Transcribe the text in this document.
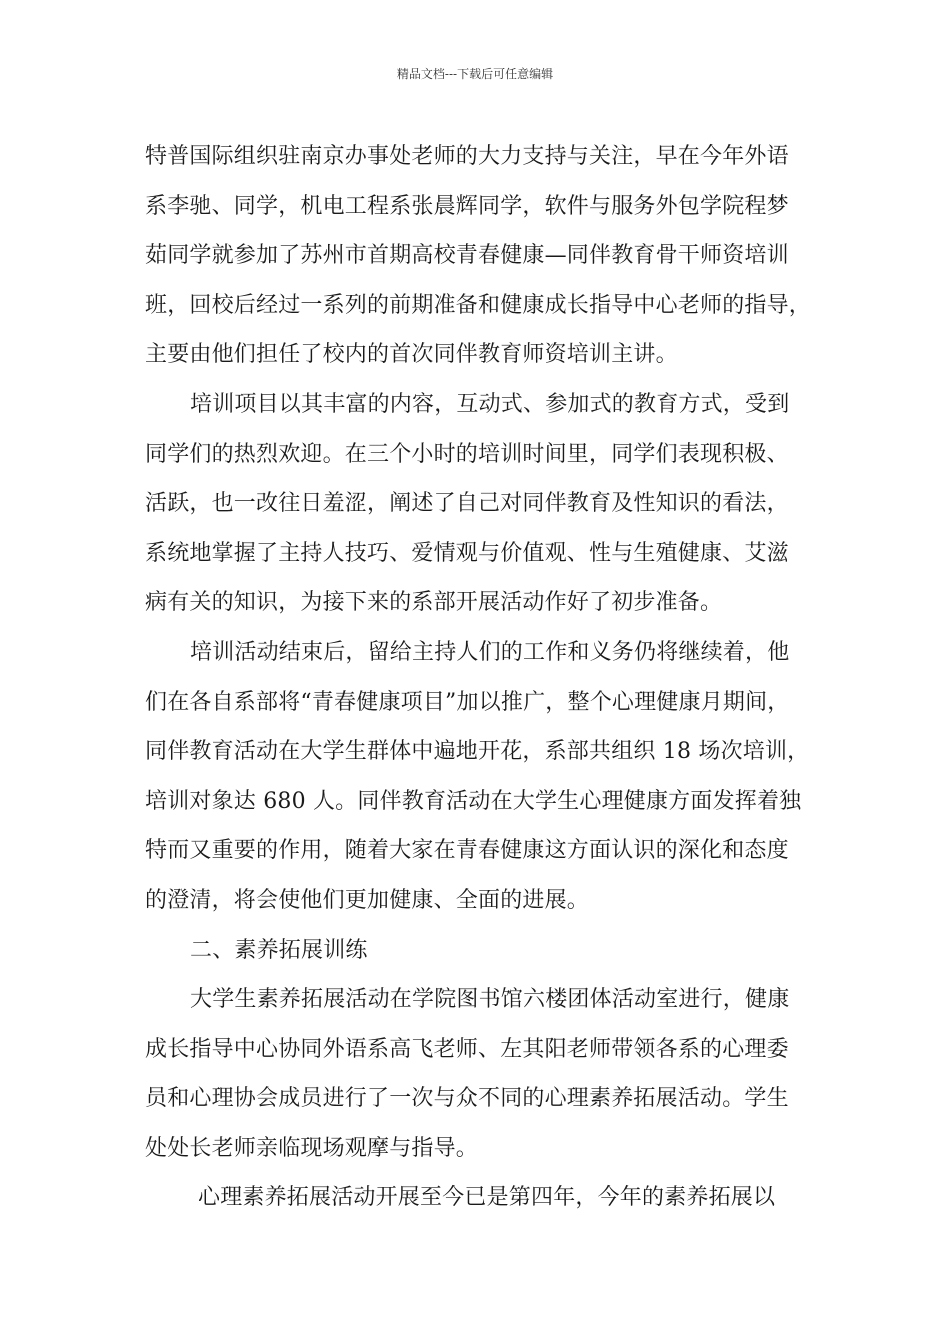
精品文档---下载后可任意编辑
特普国际组织驻南京办事处老师的大力支持与关注，早在今年外语
系李驰、同学，机电工程系张晨辉同学，软件与服务外包学院程梦
茹同学就参加了苏州市首期高校青春健康—同伴教育骨干师资培训
班，回校后经过一系列的前期准备和健康成长指导中心老师的指导，
主要由他们担任了校内的首次同伴教育师资培训主讲。
培训项目以其丰富的内容，互动式、参加式的教育方式，受到
同学们的热烈欢迎。在三个小时的培训时间里，同学们表现积极、
活跃，也一改往日羞涩，阐述了自己对同伴教育及性知识的看法，
系统地掌握了主持人技巧、爱情观与价值观、性与生殖健康、艾滋
病有关的知识，为接下来的系部开展活动作好了初步准备。
培训活动结束后，留给主持人们的工作和义务仍将继续着，他
们在各自系部将“青春健康项目”加以推广，整个心理健康月期间，
同伴教育活动在大学生群体中遍地开花，系部共组织 18 场次培训，
培训对象达 680 人。同伴教育活动在大学生心理健康方面发挥着独
特而又重要的作用，随着大家在青春健康这方面认识的深化和态度
的澄清，将会使他们更加健康、全面的进展。
二、素养拓展训练
大学生素养拓展活动在学院图书馆六楼团体活动室进行，健康
成长指导中心协同外语系高飞老师、左其阳老师带领各系的心理委
员和心理协会成员进行了一次与众不同的心理素养拓展活动。学生
处处长老师亲临现场观摩与指导。
心理素养拓展活动开展至今已是第四年，今年的素养拓展以
